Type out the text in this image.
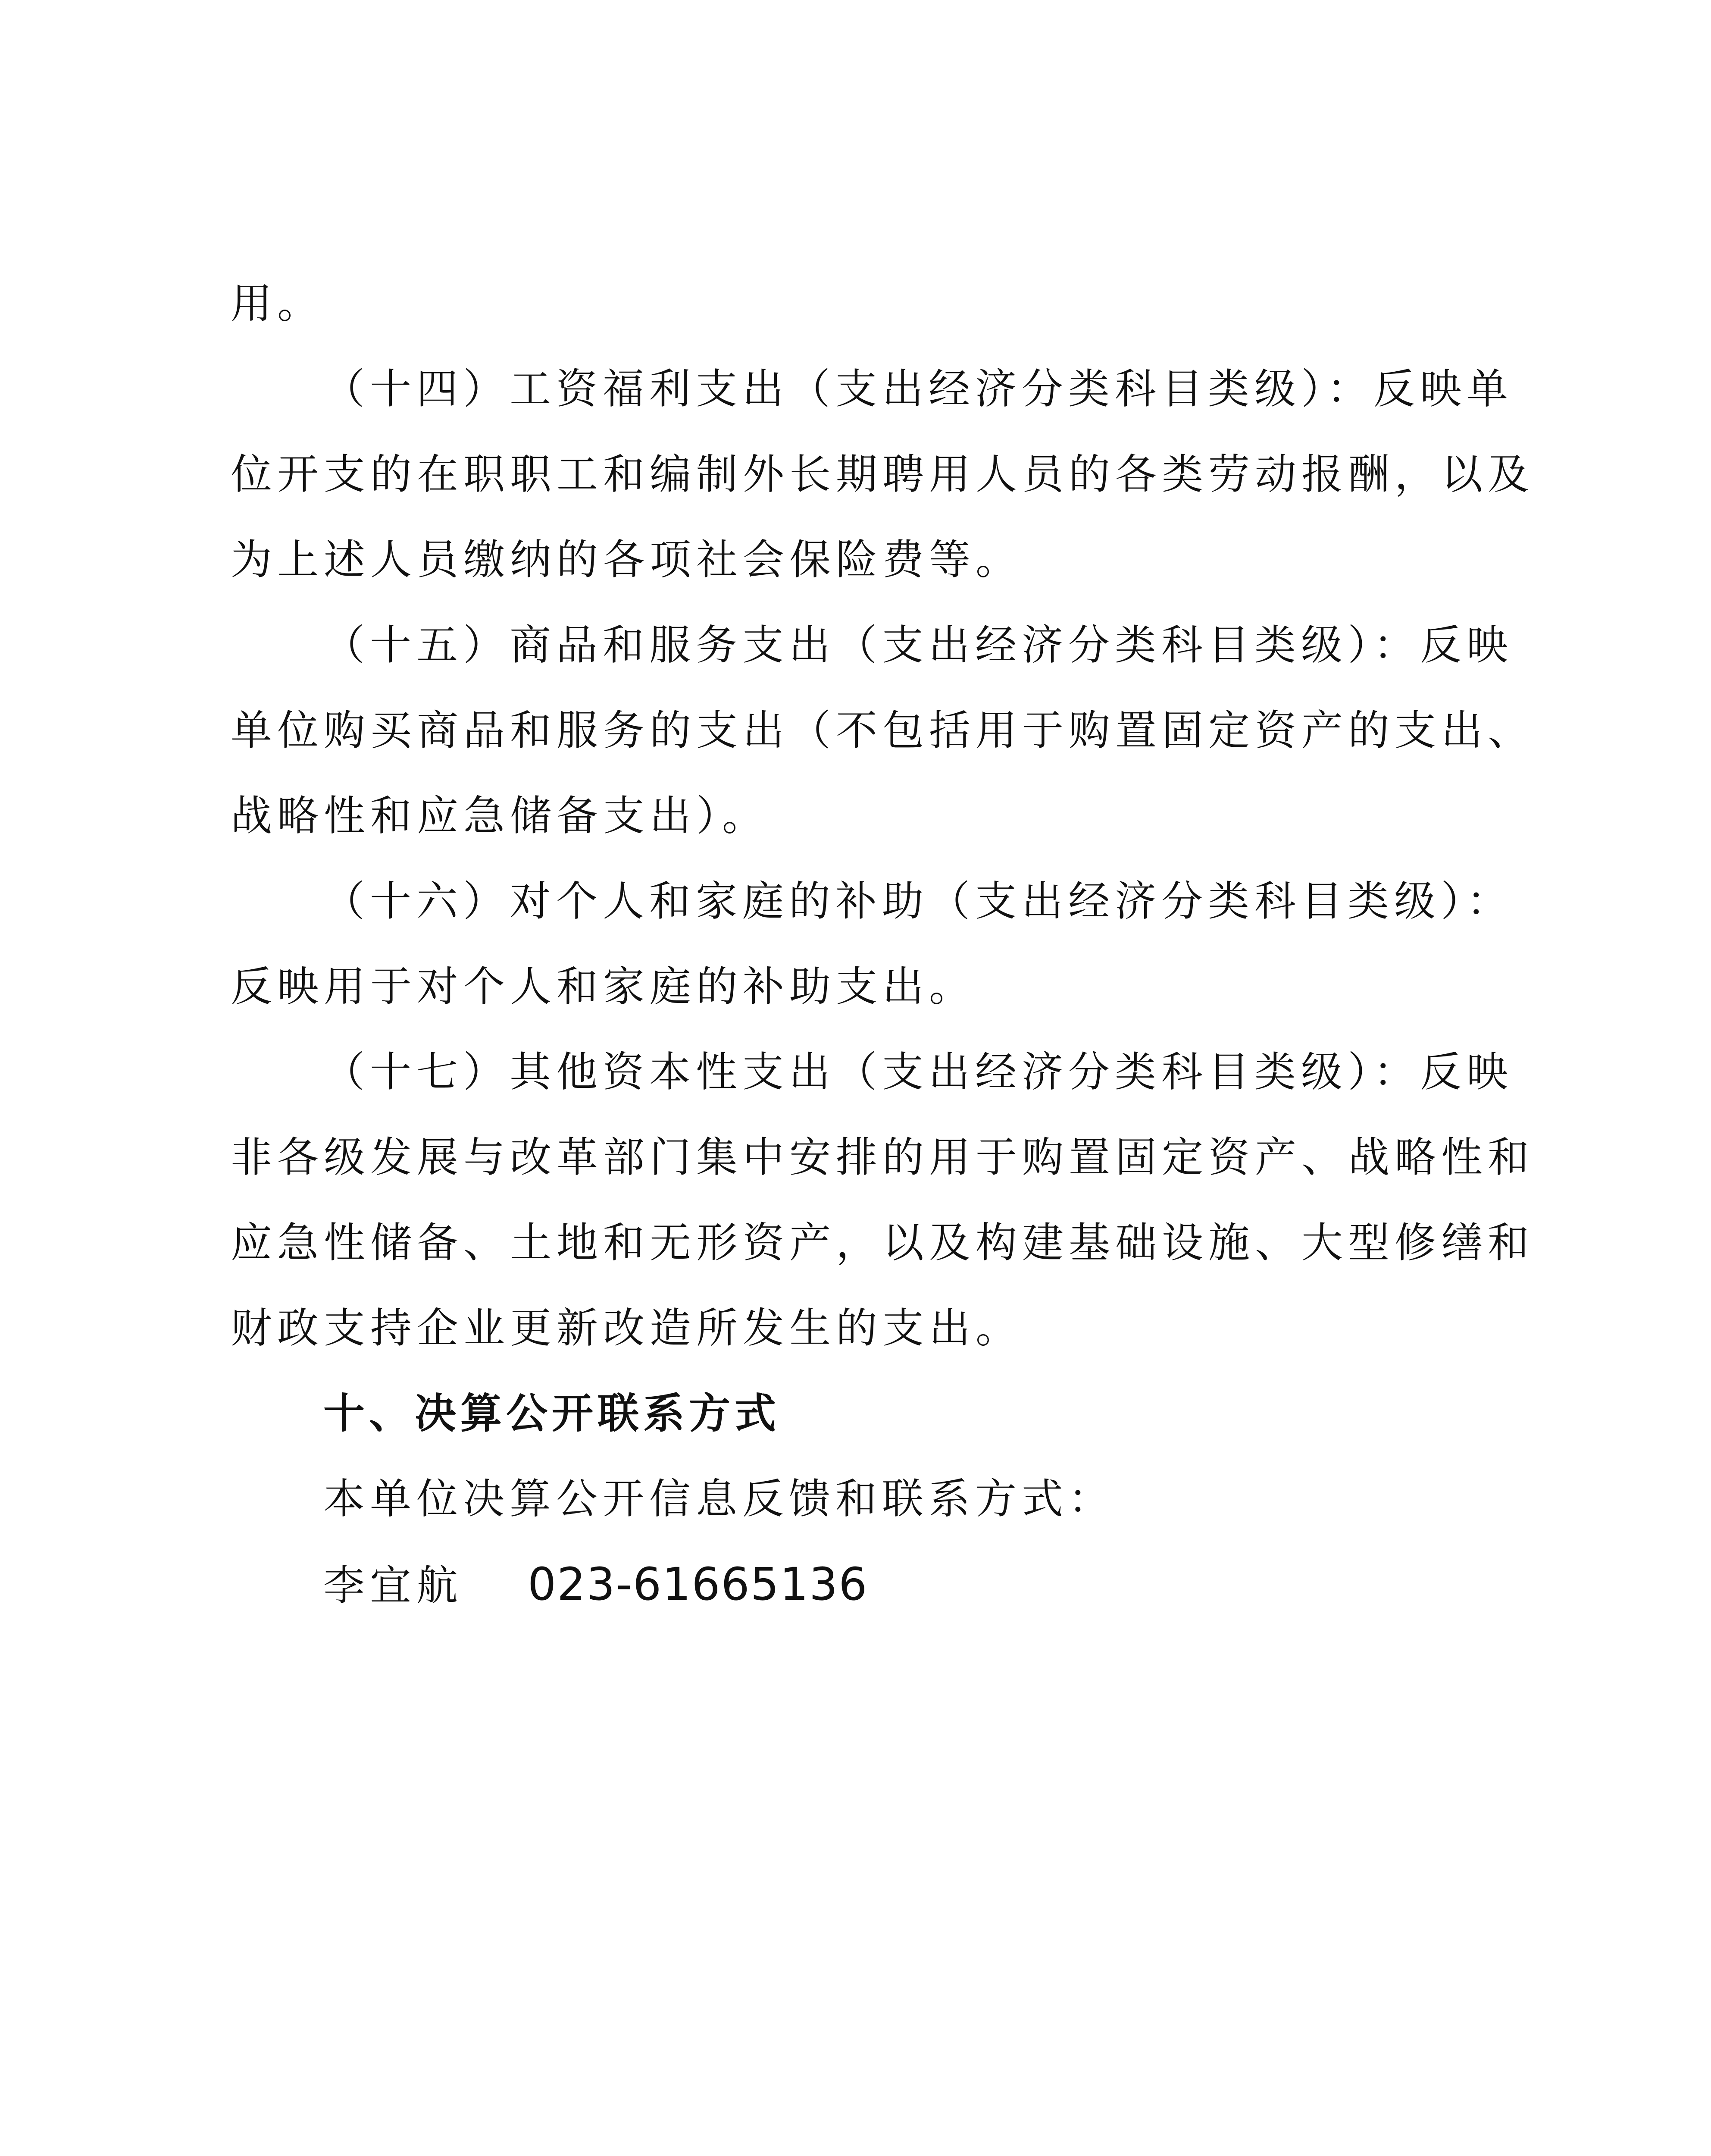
用。
（十四）工资福利支出（支出经济分类科目类级）：反映单
位开支的在职职工和编制外长期聘用人员的各类劳动报酬，以及
为上述人员缴纳的各项社会保险费等。
（十五）商品和服务支出（支出经济分类科目类级）：反映
单位购买商品和服务的支出（不包括用于购置固定资产的支出、
战略性和应急储备支出）。
（十六）对个人和家庭的补助（支出经济分类科目类级）：
反映用于对个人和家庭的补助支出。
（十七）其他资本性支出（支出经济分类科目类级）：反映
非各级发展与改革部门集中安排的用于购置固定资产、战略性和
应急性储备、土地和无形资产，以及构建基础设施、大型修缮和
财政支持企业更新改造所发生的支出。
十、决算公开联系方式
本单位决算公开信息反馈和联系方式：
李宜航 023-61665136
